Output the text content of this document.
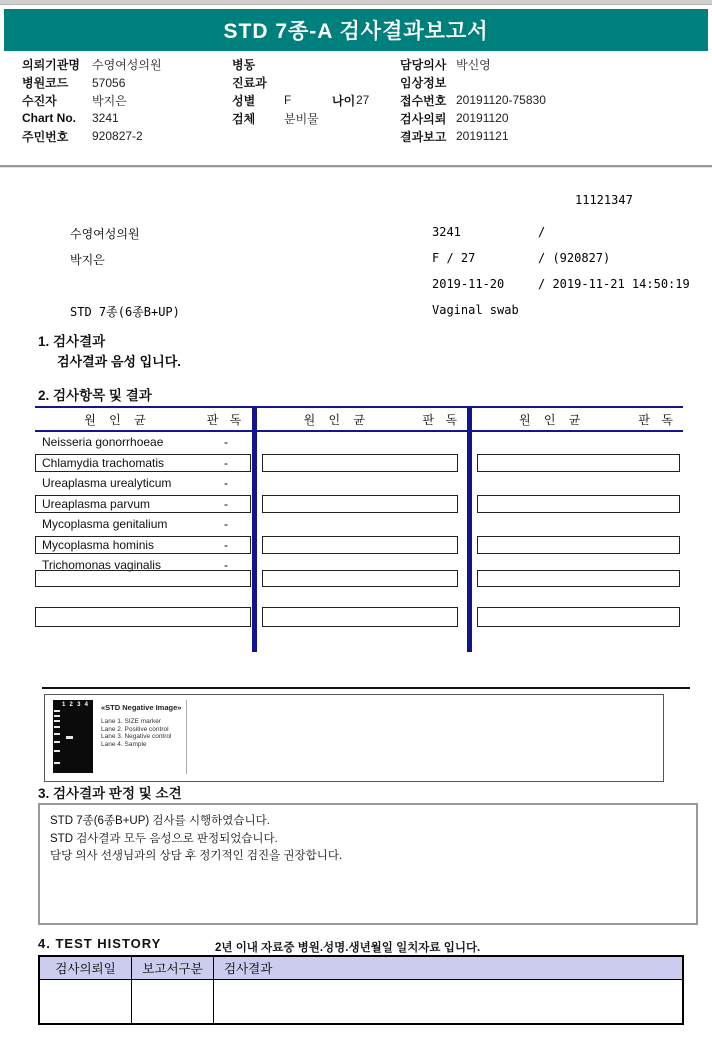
STD 7종-A 검사결과보고서
의뢰기관명	수영여성의원
병원코드	57056
수진자	박지은
Chart No.	3241
주민번호	920827-2
병동
진료과
성별	F	나이 27
검체	분비물
담당의사 박신영
임상정보
접수번호 20191120-75830
검사의뢰 20191120
결과보고 20191121
11121347
수영여성의원	3241	/
박지은	F / 27	/ (920827)
2019-11-20	/ 2019-11-21 14:50:19
STD 7종(6종B+UP)	Vaginal swab
1. 검사결과
검사결과 음성 입니다.
2. 검사항목 및 결과
원 인 균	판 독
Neisseria gonorrhoeae	-
Chlamydia trachomatis	-
Ureaplasma urealyticum	-
Ureaplasma parvum	-
Mycoplasma genitalium	-
Mycoplasma hominis	-
Trichomonas vaginalis	-
원 인 균	판 독	원 인 균	판 독
1 2 3 4 «STD Negative Image»
Lane 1. SIZE marker
Lane 2. Positive control
Lane 3. Negative control
Lane 4. Sample
3. 검사결과 판정 및 소견
STD 7종(6종B+UP) 검사를 시행하였습니다.
STD 검사결과 모두 음성으로 판정되었습니다.
담당 의사 선생님과의 상담 후 정기적인 검진을 권장합니다.
4. TEST HISTORY	2년 이내 자료중 병원.성명.생년월일 일치자료 입니다.
검사의뢰일	보고서구분	검사결과
